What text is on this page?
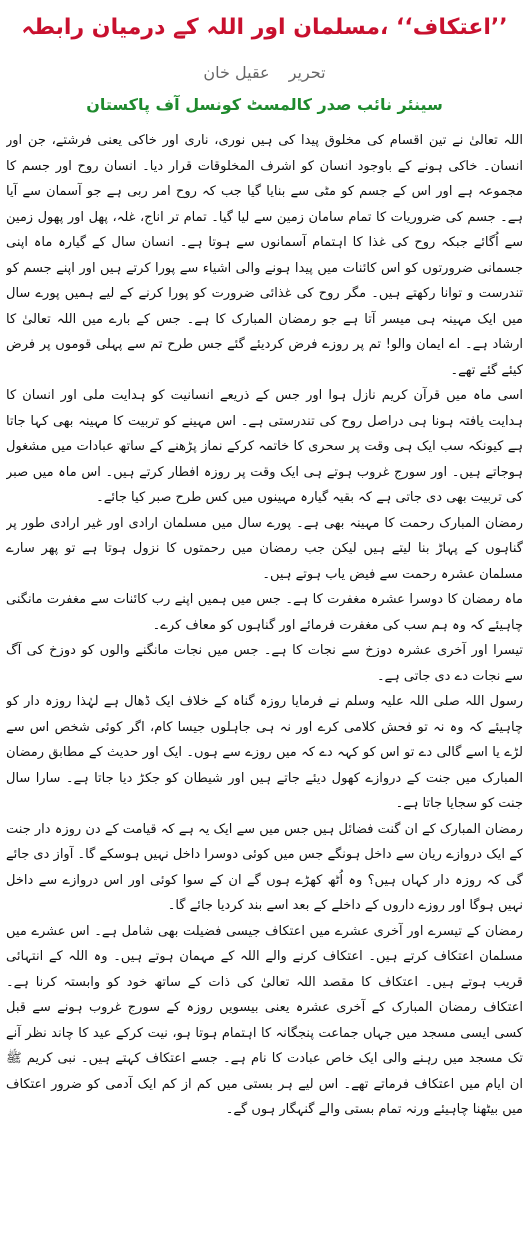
’’اعتکاف‘‘ ،مسلمان اور اللہ کے درمیان رابطہ
تحریر عقیل خان
سینئر نائب صدر کالمسٹ کونسل آف پاکستان

اللہ تعالیٰ نے تین اقسام کی مخلوق پیدا کی ہیں نوری، ناری اور خاکی یعنی فرشتے، جن اور انسان۔ خاکی ہونے کے باوجود انسان کو اشرف المخلوقات قرار دیا۔ انسان روح اور جسم کا مجموعہ ہے اور اس کے جسم کو مٹی سے بنایا گیا جب کہ روح امر ربی ہے جو آسمان سے آیا ہے۔ جسم کی ضروریات کا تمام سامان زمین سے لیا گیا۔ تمام تر اناج، غلہ، پھل اور پھول زمین سے اُگائے جبکہ روح کی غذا کا اہتمام آسمانوں سے ہوتا ہے۔ انسان سال کے گیارہ ماہ اپنی جسمانی ضرورتوں کو اس کائنات میں پیدا ہونے والی اشیاء سے پورا کرتے ہیں اور اپنے جسم کو تندرست و توانا رکھتے ہیں۔ مگر روح کی غذائی ضرورت کو پورا کرنے کے لیے ہمیں پورے سال میں ایک مہینہ ہی میسر آتا ہے جو رمضان المبارک کا ہے۔ جس کے بارے میں اللہ تعالیٰ کا ارشاد ہے۔ اے ایمان والو! تم پر روزے فرض کردیئے گئے جس طرح تم سے پہلی قوموں پر فرض کیئے گئے تھے۔

اسی ماہ میں قرآن کریم نازل ہوا اور جس کے ذریعے انسانیت کو ہدایت ملی اور انسان کا ہدایت یافتہ ہونا ہی دراصل روح کی تندرستی ہے۔ اس مہینے کو تربیت کا مہینہ بھی کہا جاتا ہے کیونکہ سب ایک ہی وقت پر سحری کا خاتمہ کرکے نماز پڑھنے کے ساتھ عبادات میں مشغول ہوجاتے ہیں۔ اور سورج غروب ہوتے ہی ایک وقت پر روزہ افطار کرتے ہیں۔ اس ماہ میں صبر کی تربیت بھی دی جاتی ہے کہ بقیہ گیارہ مہینوں میں کس طرح صبر کیا جائے۔

رمضان المبارک رحمت کا مہینہ بھی ہے۔ پورے سال میں مسلمان ارادی اور غیر ارادی طور پر گناہوں کے پہاڑ بنا لیتے ہیں لیکن جب رمضان میں رحمتوں کا نزول ہوتا ہے تو پھر سارے مسلمان عشرہ رحمت سے فیض یاب ہوتے ہیں۔

ماہ رمضان کا دوسرا عشرہ مغفرت کا ہے۔ جس میں ہمیں اپنے رب کائنات سے مغفرت مانگنی چاہیئے کہ وہ ہم سب کی مغفرت فرمائے اور گناہوں کو معاف کرے۔

تیسرا اور آخری عشرہ دوزخ سے نجات کا ہے۔ جس میں نجات مانگنے والوں کو دوزخ کی آگ سے نجات دے دی جاتی ہے۔

رسول اللہ صلی اللہ علیہ وسلم نے فرمایا روزہ گناہ کے خلاف ایک ڈھال ہے لہٰذا روزہ دار کو چاہیئے کہ وہ نہ تو فحش کلامی کرے اور نہ ہی جاہلوں جیسا کام، اگر کوئی شخص اس سے لڑے یا اسے گالی دے تو اس کو کہہ دے کہ میں روزے سے ہوں۔ ایک اور حدیث کے مطابق رمضان المبارک میں جنت کے دروازے کھول دیئے جاتے ہیں اور شیطان کو جکڑ دیا جاتا ہے۔ سارا سال جنت کو سجایا جاتا ہے۔

رمضان المبارک کے ان گنت فضائل ہیں جس میں سے ایک یہ ہے کہ قیامت کے دن روزہ دار جنت کے ایک دروازے ریان سے داخل ہونگے جس میں کوئی دوسرا داخل نہیں ہوسکے گا۔ آواز دی جائے گی کہ روزہ دار کہاں ہیں؟ وہ اُٹھ کھڑے ہوں گے ان کے سوا کوئی اور اس دروازے سے داخل نہیں ہوگا اور روزے داروں کے داخلے کے بعد اسے بند کردیا جائے گا۔

رمضان کے تیسرے اور آخری عشرے میں اعتکاف جیسی فضیلت بھی شامل ہے۔ اس عشرے میں مسلمان اعتکاف کرتے ہیں۔ اعتکاف کرنے والے اللہ کے مہمان ہوتے ہیں۔ وہ اللہ کے انتہائی قریب ہوتے ہیں۔ اعتکاف کا مقصد اللہ تعالیٰ کی ذات کے ساتھ خود کو وابستہ کرنا ہے۔ اعتکاف رمضان المبارک کے آخری عشرہ یعنی بیسویں روزہ کے سورج غروب ہونے سے قبل کسی ایسی مسجد میں جہاں جماعت پنجگانہ کا اہتمام ہوتا ہو، نیت کرکے عید کا چاند نظر آنے تک مسجد میں رہنے والی ایک خاص عبادت کا نام ہے۔ جسے اعتکاف کہتے ہیں۔ نبی کریم ﷺ ان ایام میں اعتکاف فرماتے تھے۔ اس لیے ہر بستی میں کم از کم ایک آدمی کو ضرور اعتکاف میں بیٹھنا چاہیئے ورنہ تمام بستی والے گنہگار ہوں گے۔
